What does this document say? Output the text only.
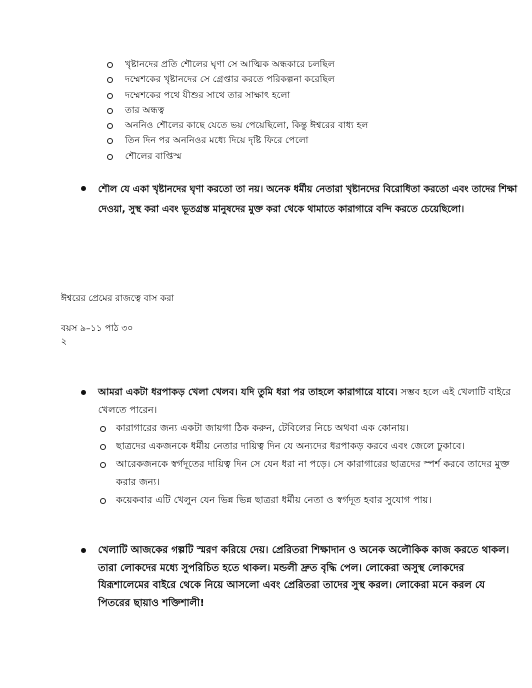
খৃষ্টানদের প্রতি শৌলের ঘৃণা সে আত্মিক অন্ধকারে চলছিল
দম্মেশকের খৃষ্টানদের সে গ্রেপ্তার করতে পরিকল্পনা করেছিল
দম্মেশকের পথে যীশুর সাথে তার সাক্ষাৎ হলো
তার অন্ধত্ব
অননিও শৌলের কাছে যেতে ভয় পেয়েছিলো, কিন্তু ঈশ্বরের বাধ্য হল
তিন দিন পর অননিওর মধ্যে দিয়ে দৃষ্টি ফিরে পেলো
শৌলের বাপ্তিস্ম
শৌল যে একা খৃষ্টানদের ঘৃণা করতো তা নয়। অনেক ধর্মীয় নেতারা খৃষ্টানদের বিরোধিতা করতো এবং তাদের শিক্ষা দেওয়া, সুস্থ করা এবং ভূতগ্রস্ত মানুষদের মুক্ত করা থেকে থামাতে কারাগারে বন্দি করতে চেয়েছিলো।
ঈশ্বরের প্রেমের রাজত্বে বাস করা
বয়স ৯–১১ পাঠ ৩০
২
আমরা একটা ধরপাকড় খেলা খেলব। যদি তুমি ধরা পর তাহলে কারাগারে যাবে। সম্ভব হলে এই খেলাটি বাইরে খেলতে পারেন।
কারাগারের জন্য একটা জায়গা ঠিক করুন, টেবিলের নিচে অথবা এক কোনায়।
ছাত্রদের একজনকে ধর্মীয় নেতার দায়িত্ব দিন যে অন্যদের ধরপাকড় করবে এবং জেলে ঢুকাবে।
আরেকজনকে স্বর্গদূতের দায়িত্ব দিন সে যেন ধরা না পড়ে। সে কারাগারের ছাত্রদের স্পর্শ করবে তাদের মুক্ত করার জন্য।
কয়েকবার এটি খেলুন যেন ভিন্ন ভিন্ন ছাত্ররা ধর্মীয় নেতা ও স্বর্গদূত হবার সুযোগ পায়।
খেলাটি আজকের গল্পটি স্মরণ করিয়ে দেয়। প্রেরিতরা শিক্ষাদান ও অনেক অলৌকিক কাজ করতে থাকল। তারা লোকদের মধ্যে সুপরিচিত হতে থাকল। মন্ডলী দ্রুত বৃদ্ধি পেল। লোকেরা অসুস্থ লোকদের যিরূশালেমের বাইরে থেকে নিয়ে আসলো এবং প্রেরিতরা তাদের সুস্থ করল। লোকেরা মনে করল যে পিতরের ছায়াও শক্তিশালী!
